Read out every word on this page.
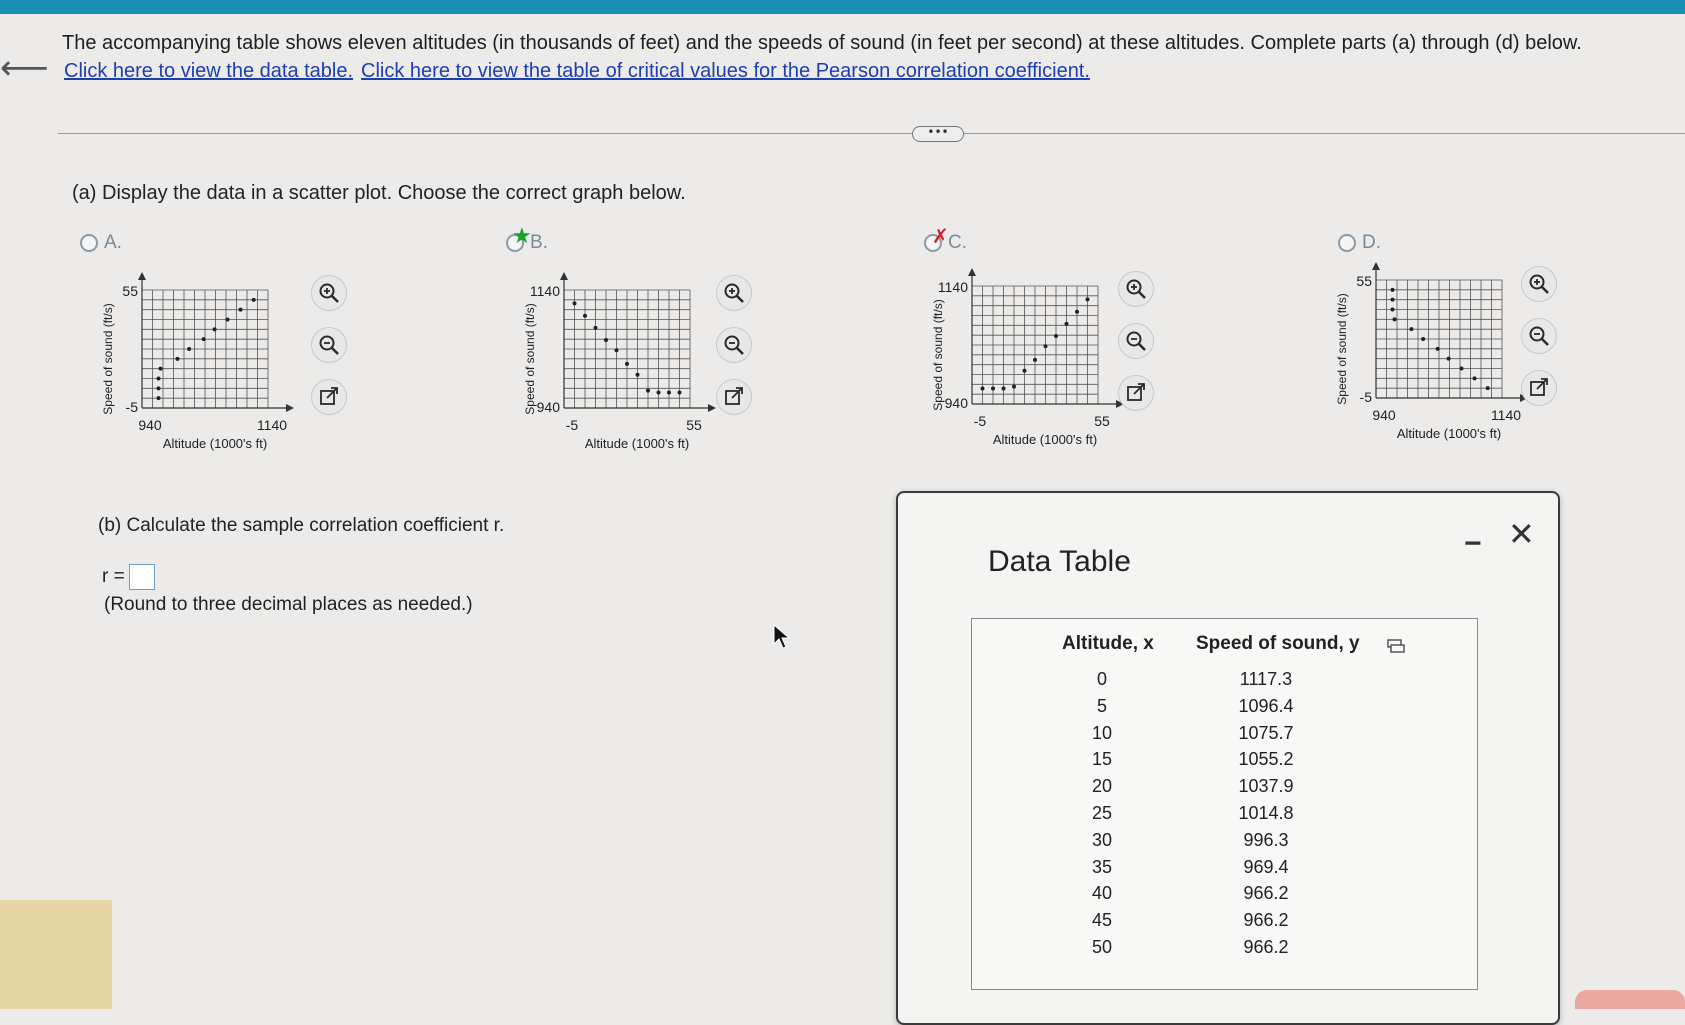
⟵
The accompanying table shows eleven altitudes (in thousands of feet) and the speeds of sound (in feet per second) at these altitudes. Complete parts (a) through (d) below.
Click here to view the data table. Click here to view the table of critical values for the Pearson correlation coefficient.
•••
(a) Display the data in a scatter plot. Choose the correct graph below.
A.	★
B.	✗ C.	D.
55
-5
940	1140
Altitude (1000's ft)
Speed of sound (ft/s)
1140
940
-5	55
Altitude (1000's ft)
Speed of sound (ft/s)
1140
940
-5	55
Altitude (1000's ft)
Speed of sound (ft/s)
55
-5
940	1140
Altitude (1000's ft)
Speed of sound (ft/s)
(b) Calculate the sample correlation coefficient r.
r =
(Round to three decimal places as needed.)
Data Table
− ✕
Altitude, x Speed of sound, y
0	1117.3
5	1096.4
10	1075.7
15	1055.2
20	1037.9
25	1014.8
30	996.3
35	969.4
40	966.2
45	966.2
50	966.2
